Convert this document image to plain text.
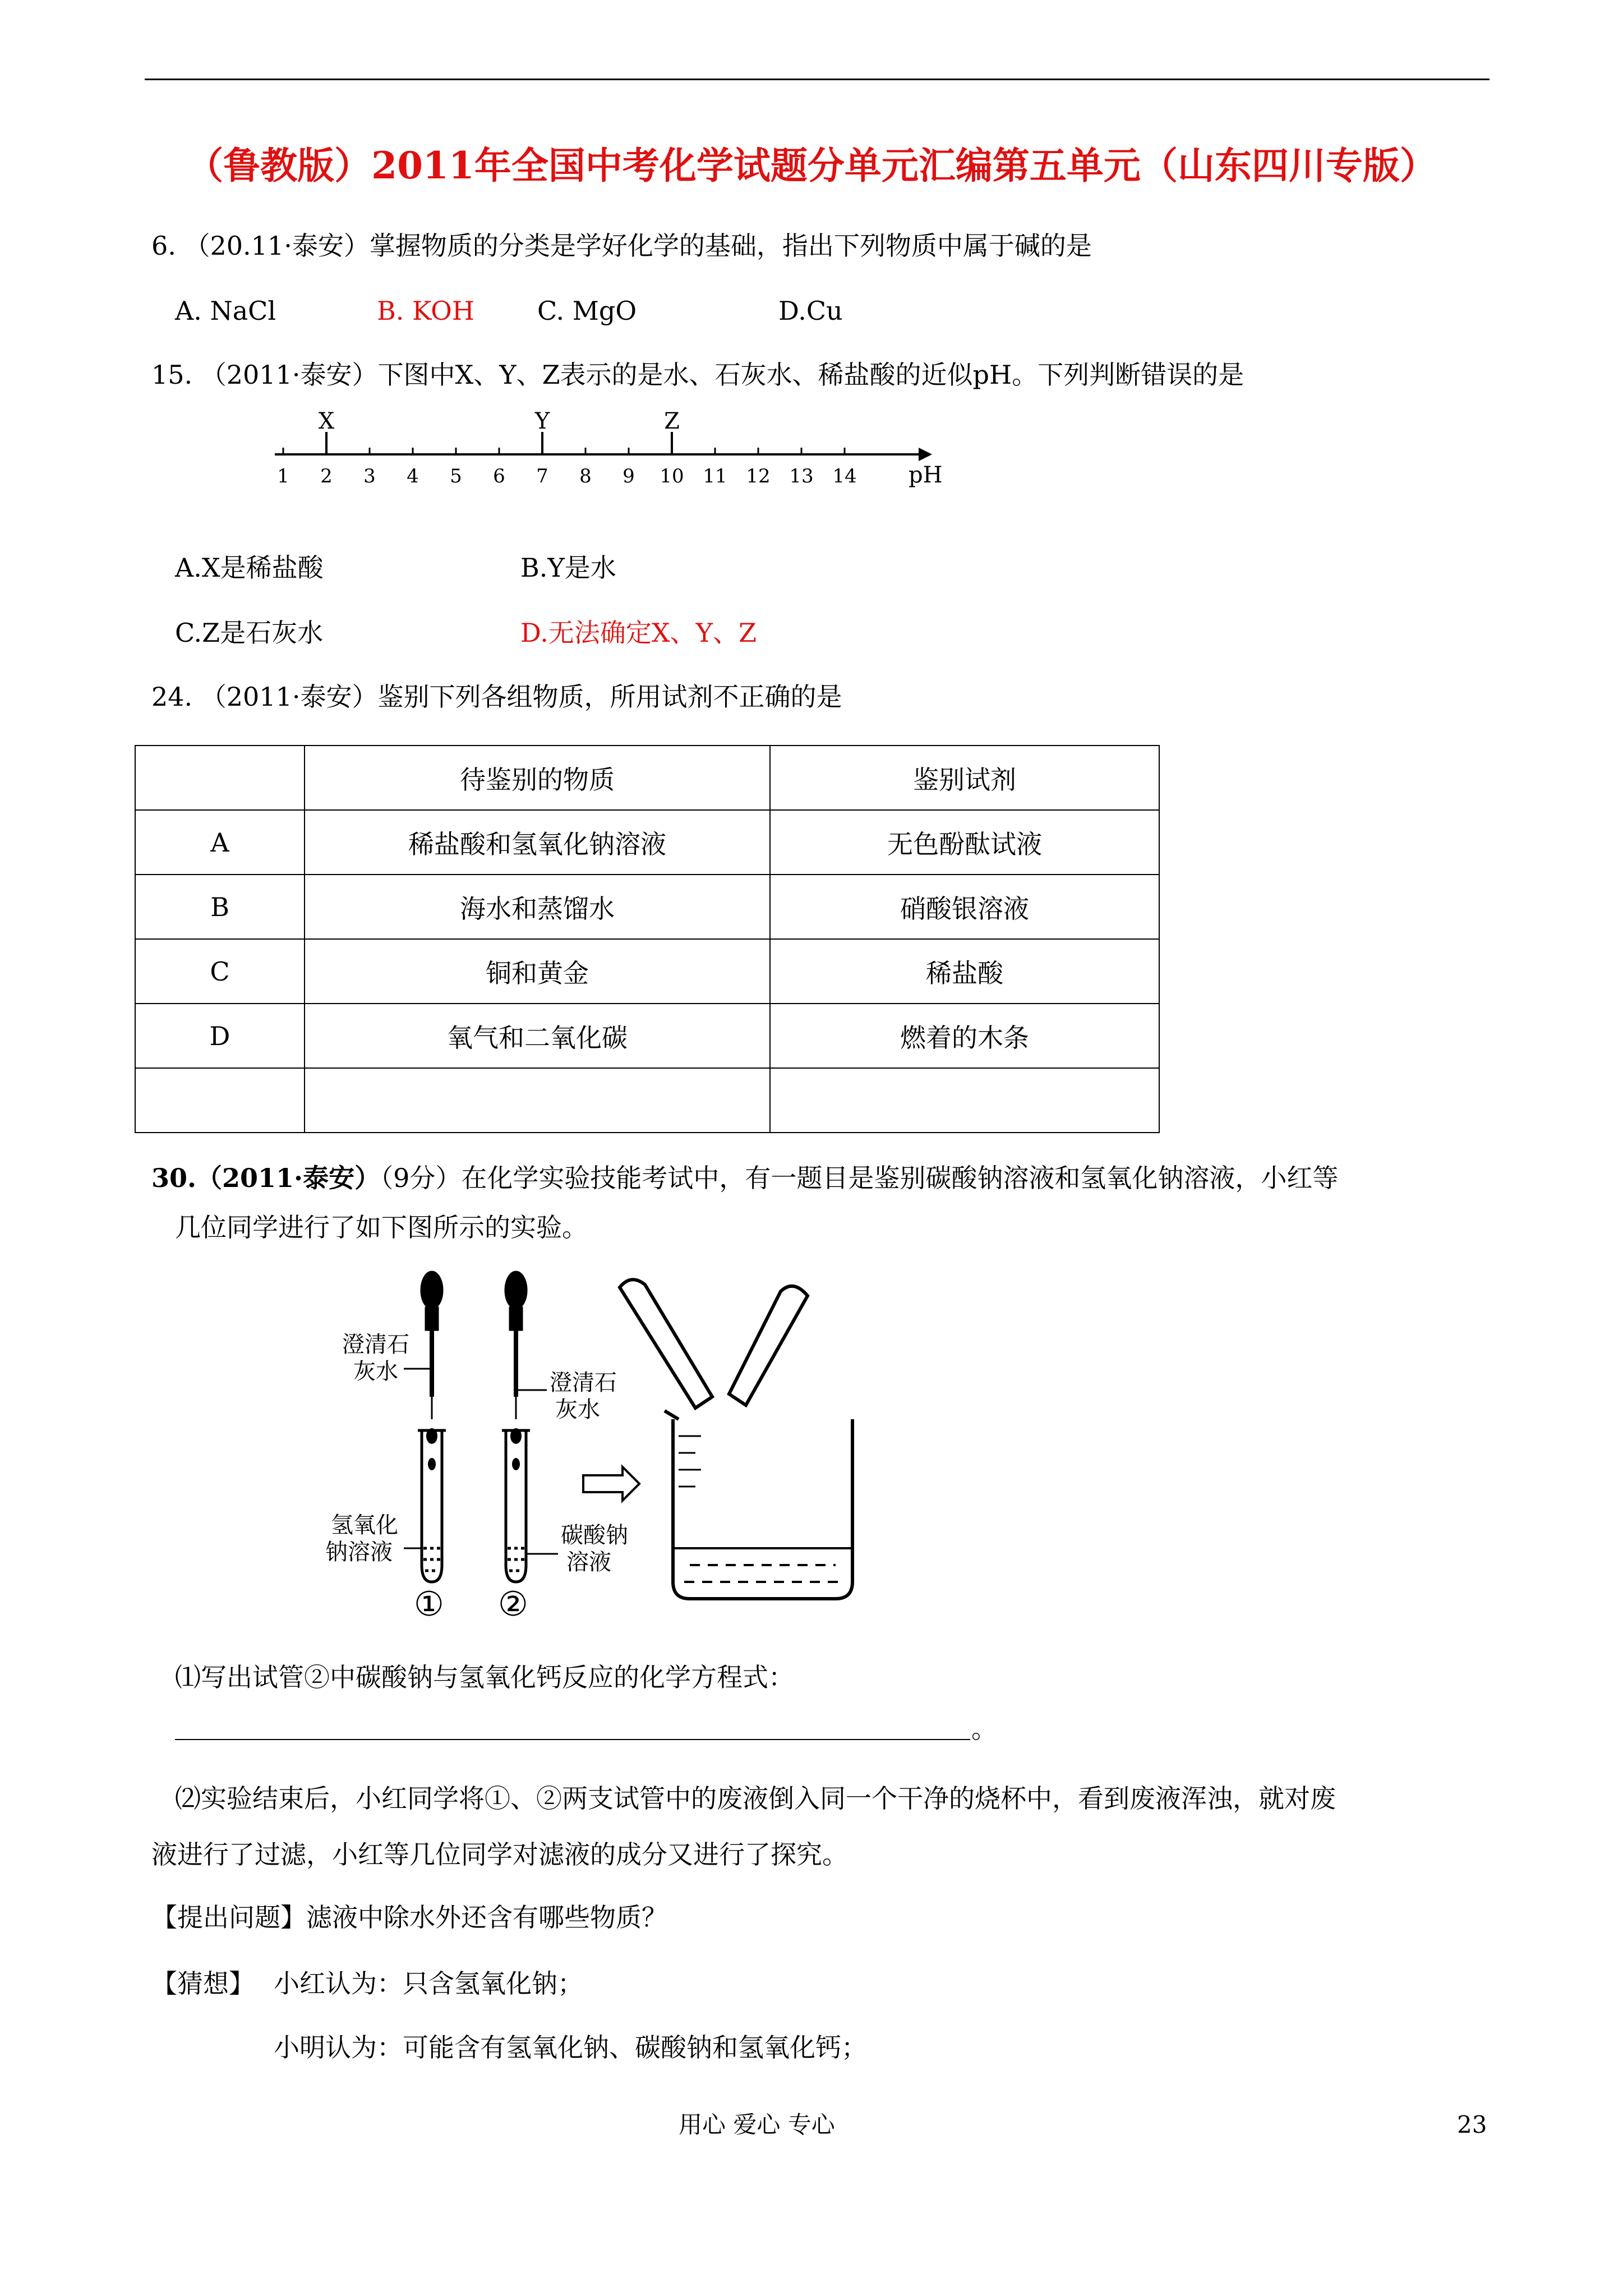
（鲁教版）2011年全国中考化学试题分单元汇编第五单元（山东四川专版）
6. （20.11·泰安）掌握物质的分类是学好化学的基础，指出下列物质中属于碱的是
A. NaCl	B. KOH C. MgO	D.Cu
15. （2011·泰安）下图中X、Y、Z表示的是水、石灰水、稀盐酸的近似pH。下列判断错误的是
1 2 3 4 5 6 7 8 9 10 11 12 13 14
X	Y	Z
pH
A.X是稀盐酸	B.Y是水
C.Z是石灰水	D.无法确定X、Y、Z
24. （2011·泰安）鉴别下列各组物质，所用试剂不正确的是
	待鉴别的物质	鉴别试剂
A	稀盐酸和氢氧化钠溶液	无色酚酞试液
B	海水和蒸馏水	硝酸银溶液
C	铜和黄金	稀盐酸
D	氧气和二氧化碳	燃着的木条

30.（2011·泰安）（9分）在化学实验技能考试中，有一题目是鉴别碳酸钠溶液和氢氧化钠溶液，小红等
几位同学进行了如下图所示的实验。
澄清石
灰水	澄清石
灰水
氢氧化
钠溶液
碳酸钠
溶液
① ②
⑴写出试管②中碳酸钠与氢氧化钙反应的化学方程式：
。
⑵实验结束后，小红同学将①、②两支试管中的废液倒入同一个干净的烧杯中，看到废液浑浊，就对废
液进行了过滤，小红等几位同学对滤液的成分又进行了探究。
【提出问题】滤液中除水外还含有哪些物质？
【猜想】 小红认为：只含氢氧化钠；
小明认为：可能含有氢氧化钠、碳酸钠和氢氧化钙；
用心 爱心 专心	23
